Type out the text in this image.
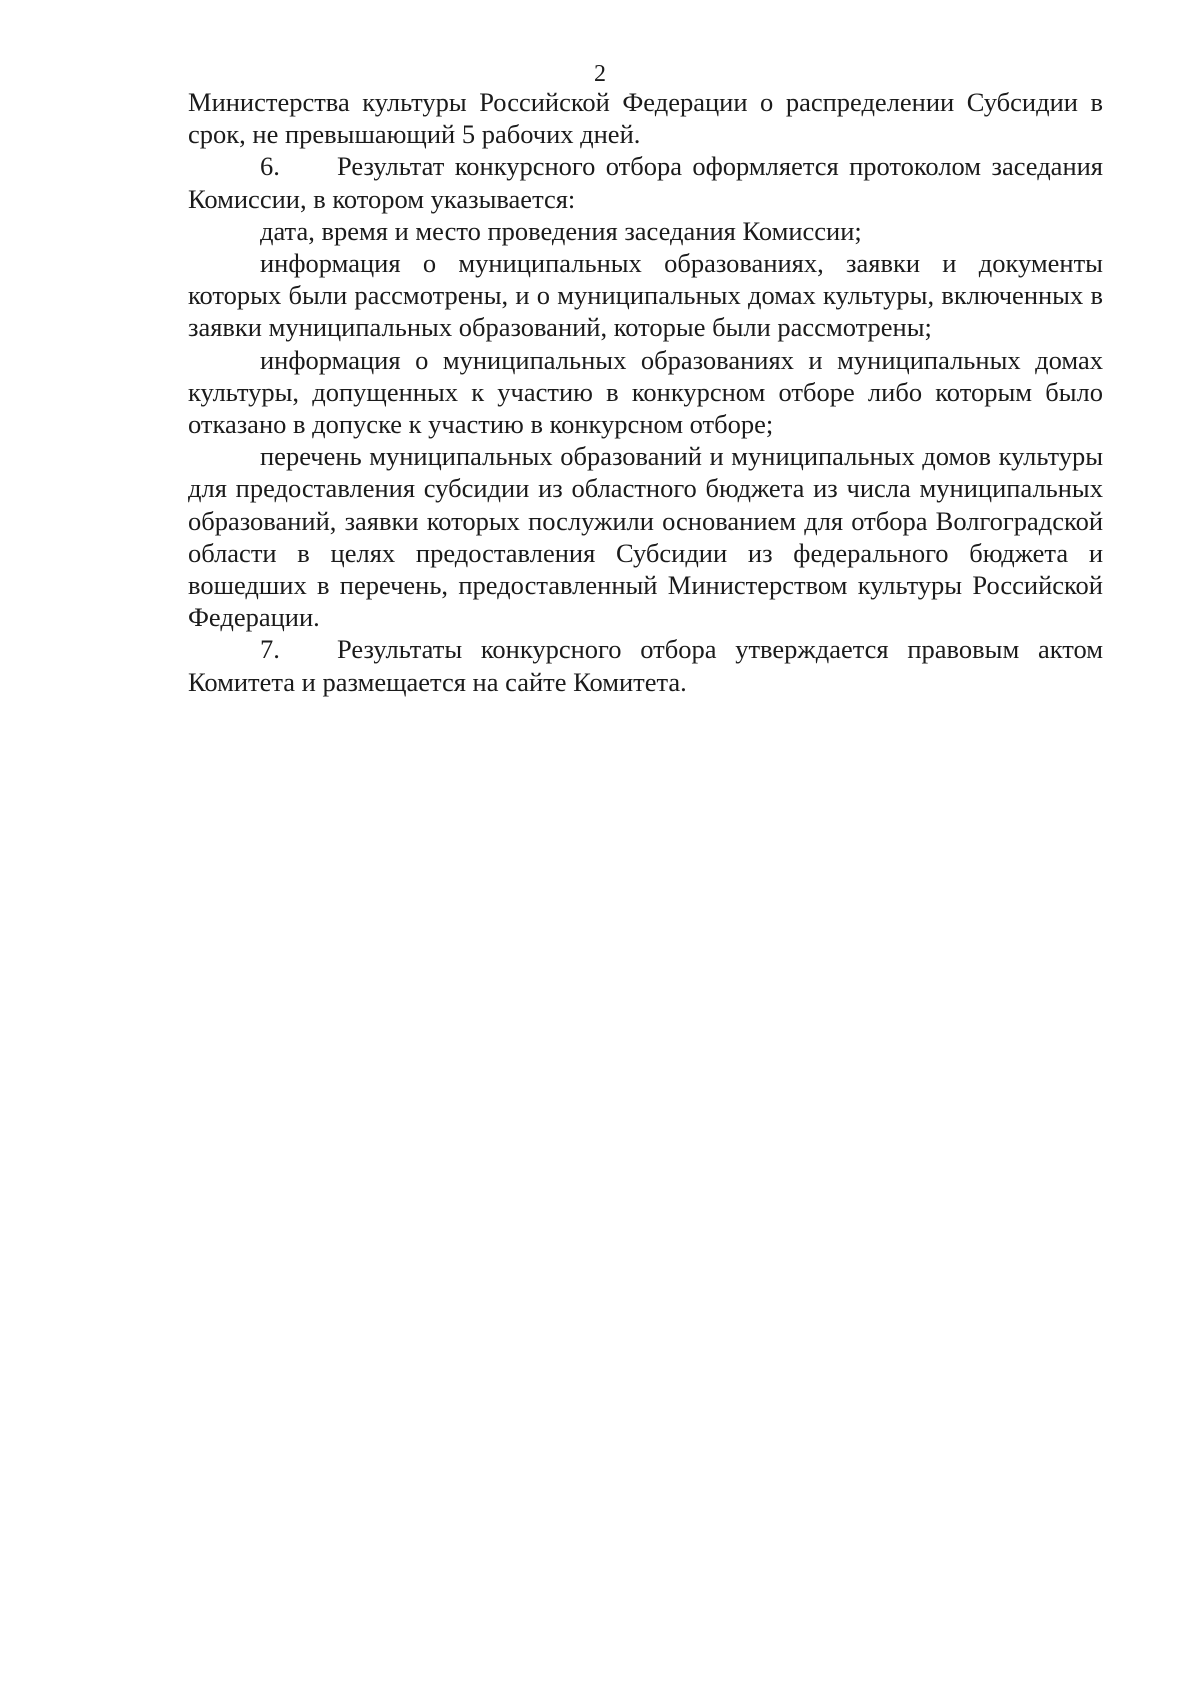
2

Министерства культуры Российской Федерации о распределении Субсидии в срок, не превышающий 5 рабочих дней.

6. Результат конкурсного отбора оформляется протоколом заседания Комиссии, в котором указывается:

дата, время и место проведения заседания Комиссии;

информация о муниципальных образованиях, заявки и документы которых были рассмотрены, и о муниципальных домах культуры, включенных в заявки муниципальных образований, которые были рассмотрены;

информация о муниципальных образованиях и муниципальных домах культуры, допущенных к участию в конкурсном отборе либо которым было отказано в допуске к участию в конкурсном отборе;

перечень муниципальных образований и муниципальных домов культуры для предоставления субсидии из областного бюджета из числа муниципальных образований, заявки которых послужили основанием для отбора Волгоградской области в целях предоставления Субсидии из федерального бюджета и вошедших в перечень, предоставленный Министерством культуры Российской Федерации.

7. Результаты конкурсного отбора утверждается правовым актом Комитета и размещается на сайте Комитета.
